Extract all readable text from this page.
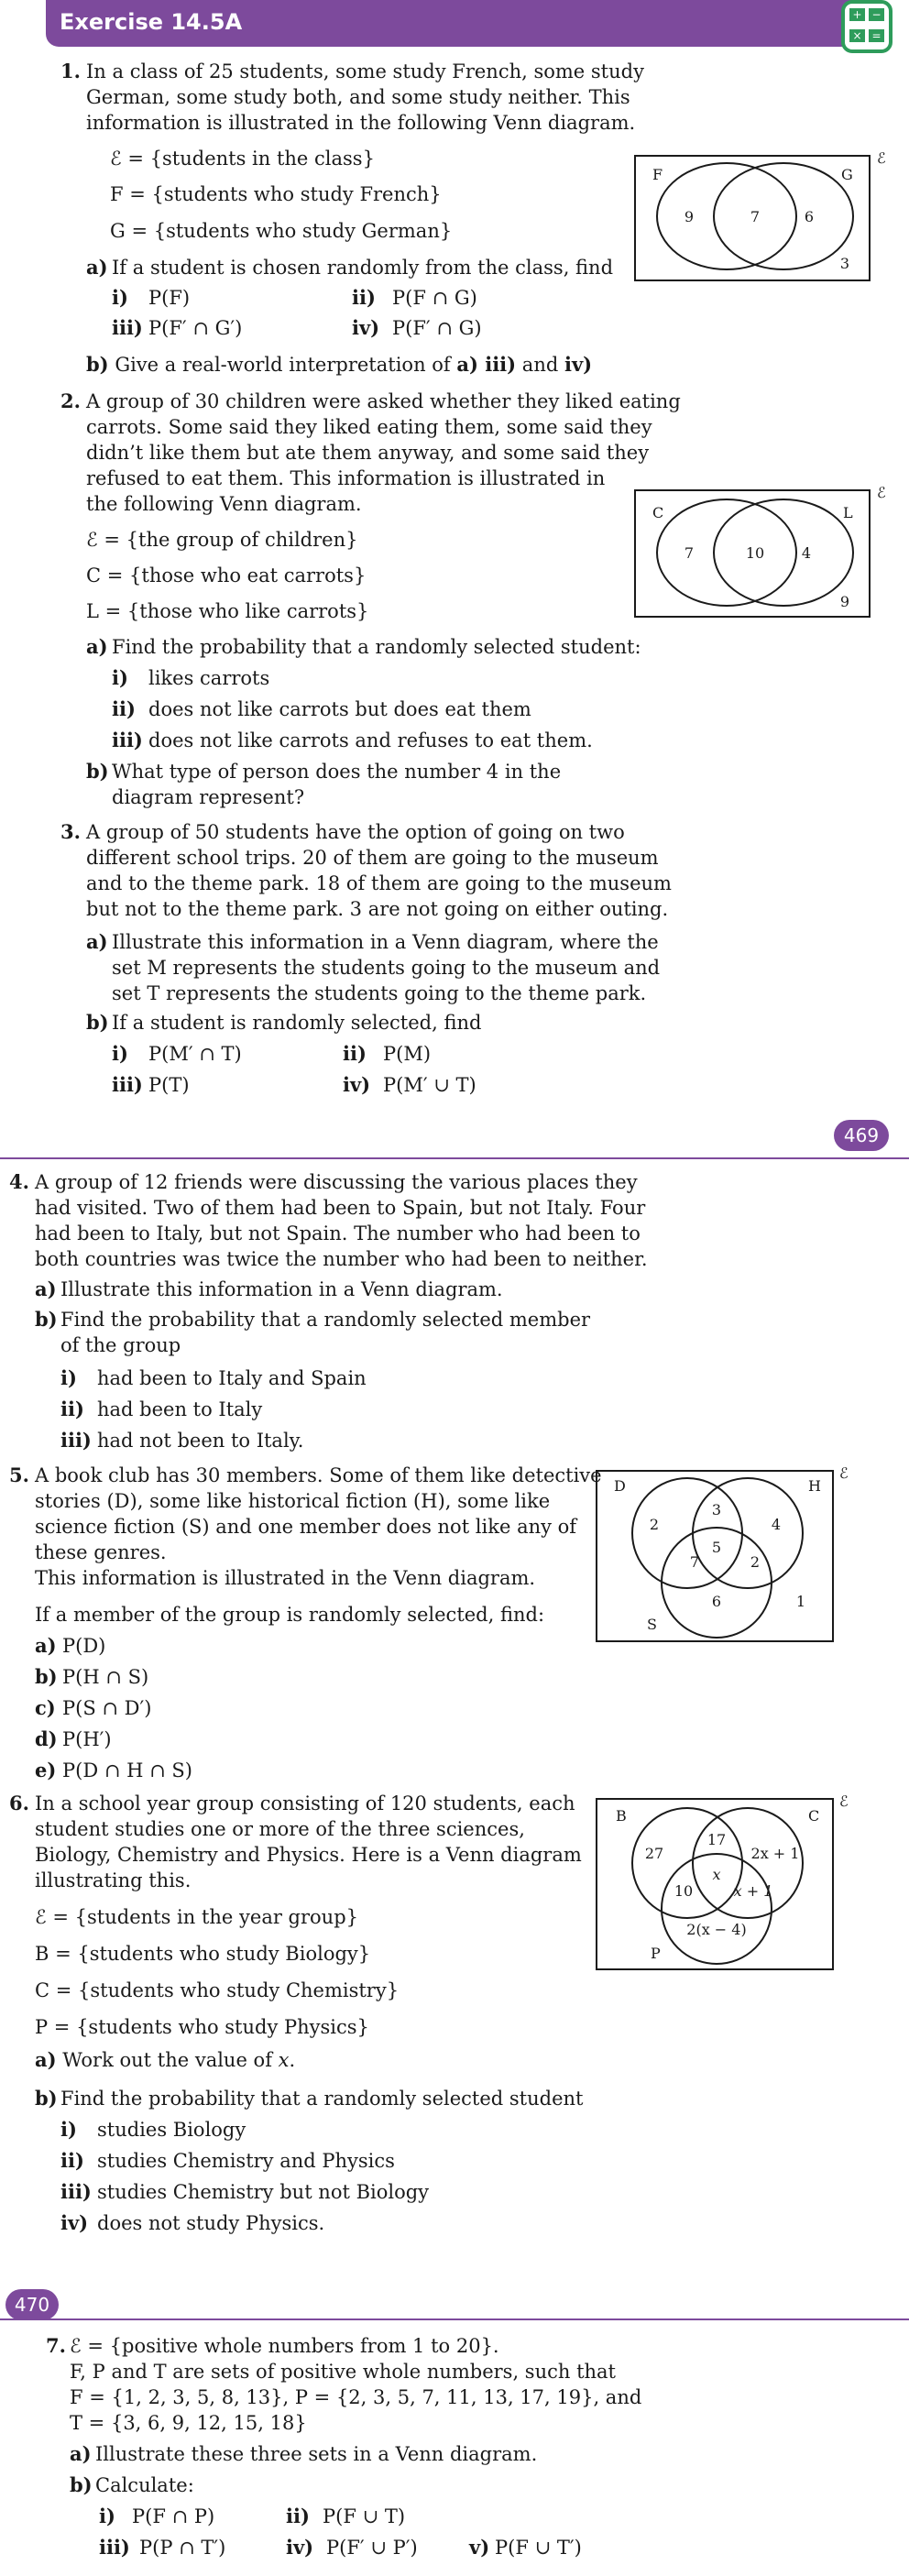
Exercise 14.5A	+ −
× =
1. In a class of 25 students, some study French, some study
German, some study both, and some study neither. This
information is illustrated in the following Venn diagram.
ℰ = {students in the class}
F = {students who study French}
G = {students who study German}
a) If a student is chosen randomly from the class, find
i) P(F)	ii) P(F ∩ G)
iii) P(F′ ∩ G′)	iv) P(F′ ∩ G)
b) Give a real-world interpretation of a) iii) and iv)
ℰ
F	G
9	7	6
3
2. A group of 30 children were asked whether they liked eating
carrots. Some said they liked eating them, some said they
didn’t like them but ate them anyway, and some said they
refused to eat them. This information is illustrated in
the following Venn diagram.
ℰ = {the group of children}
C = {those who eat carrots}
L = {those who like carrots}
a) Find the probability that a randomly selected student:
i) likes carrots
ii) does not like carrots but does eat them
iii) does not like carrots and refuses to eat them.
b) What type of person does the number 4 in the
diagram represent?
ℰ
C	L
7	10	4
9
3. A group of 50 students have the option of going on two
different school trips. 20 of them are going to the museum
and to the theme park. 18 of them are going to the museum
but not to the theme park. 3 are not going on either outing.
a) Illustrate this information in a Venn diagram, where the
set M represents the students going to the museum and
set T represents the students going to the theme park.
b) If a student is randomly selected, find
i) P(M′ ∩ T)	ii) P(M)
iii) P(T)	iv) P(M′ ∪ T)
469
4. A group of 12 friends were discussing the various places they
had visited. Two of them had been to Spain, but not Italy. Four
had been to Italy, but not Spain. The number who had been to
both countries was twice the number who had been to neither.
a) Illustrate this information in a Venn diagram.
b) Find the probability that a randomly selected member
of the group
i) had been to Italy and Spain
ii) had been to Italy
iii) had not been to Italy.
5. A book club has 30 members. Some of them like detective
stories (D), some like historical fiction (H), some like
science fiction (S) and one member does not like any of
these genres.
This information is illustrated in the Venn diagram.
If a member of the group is randomly selected, find:
a) P(D)
b) P(H ∩ S)
c) P(S ∩ D′)
d) P(H′)
e) P(D ∩ H ∩ S)
ℰ
D	H
S
2
3
4
5
7	2
6	1
6. In a school year group consisting of 120 students, each
student studies one or more of the three sciences,
Biology, Chemistry and Physics. Here is a Venn diagram
illustrating this.
ℰ = {students in the year group}
B = {students who study Biology}
C = {students who study Chemistry}
P = {students who study Physics}
a) Work out the value of x.
b) Find the probability that a randomly selected student
i) studies Biology
ii) studies Chemistry and Physics
iii) studies Chemistry but not Biology
iv) does not study Physics.
ℰ
B	C
P
27
17
2x + 1
x
10	x + 1
2(x − 4)
470
7. ℰ = {positive whole numbers from 1 to 20}.
F, P and T are sets of positive whole numbers, such that
F = {1, 2, 3, 5, 8, 13}, P = {2, 3, 5, 7, 11, 13, 17, 19}, and
T = {3, 6, 9, 12, 15, 18}
a) Illustrate these three sets in a Venn diagram.
b) Calculate:
i) P(F ∩ P)	ii) P(F ∪ T)
iii) P(P ∩ T′)	iv) P(F′ ∪ P′)	v) P(F ∪ T′)
